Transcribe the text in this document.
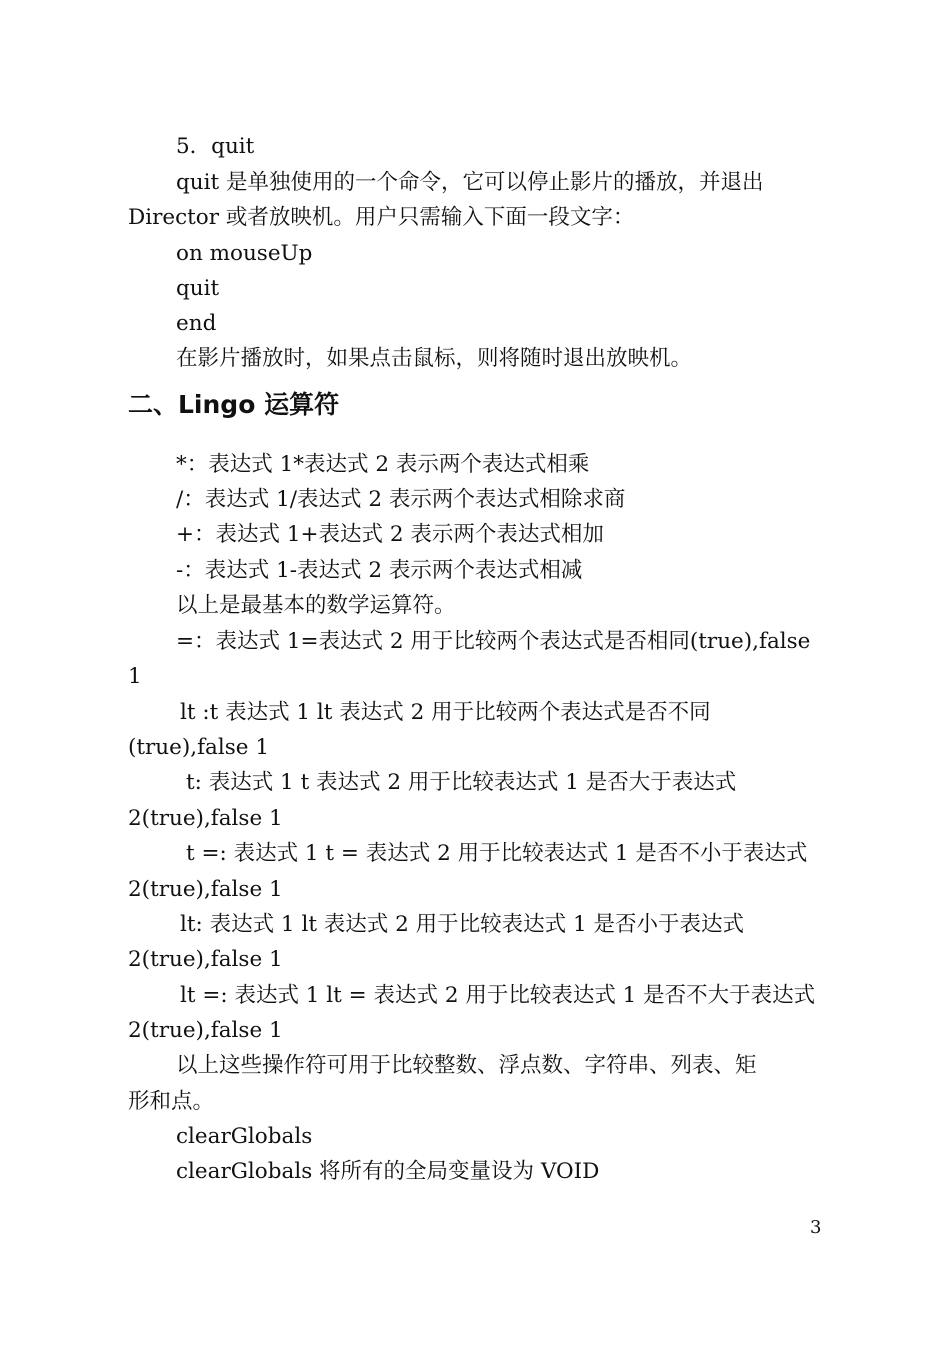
5．quit
quit 是单独使用的一个命令，它可以停止影片的播放，并退出
Director 或者放映机。用户只需输入下面一段文字：
on mouseUp
quit
end
在影片播放时，如果点击鼠标，则将随时退出放映机。
二、Lingo 运算符
*：表达式 1*表达式 2 表示两个表达式相乘
/：表达式 1/表达式 2 表示两个表达式相除求商
+：表达式 1+表达式 2 表示两个表达式相加
-：表达式 1-表达式 2 表示两个表达式相减
以上是最基本的数学运算符。
=：表达式 1=表达式 2 用于比较两个表达式是否相同(true),false
1
lt :t 表达式 1 lt 表达式 2 用于比较两个表达式是否不同
(true),false 1
t: 表达式 1 t 表达式 2 用于比较表达式 1 是否大于表达式
2(true),false 1
t =: 表达式 1 t = 表达式 2 用于比较表达式 1 是否不小于表达式
2(true),false 1
lt: 表达式 1 lt 表达式 2 用于比较表达式 1 是否小于表达式
2(true),false 1
lt =: 表达式 1 lt = 表达式 2 用于比较表达式 1 是否不大于表达式
2(true),false 1
以上这些操作符可用于比较整数、浮点数、字符串、列表、矩
形和点。
clearGlobals
clearGlobals 将所有的全局变量设为 VOID
3
